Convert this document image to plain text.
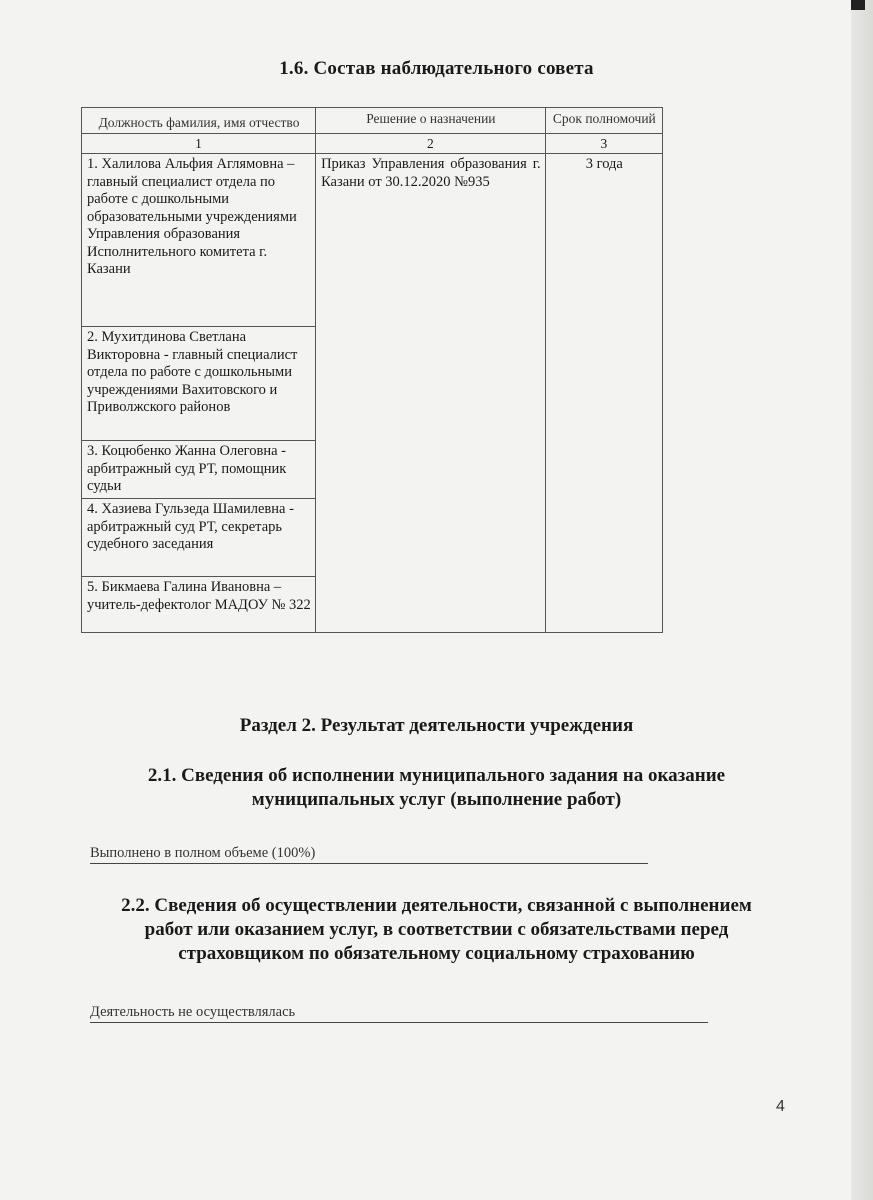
1.6. Состав наблюдательного совета
Должность фамилия, имя отчество	Решение о назначении	Срок полномочий
1	2	3
1. Халилова Альфия Аглямовна – главный специалист отдела по работе с дошкольными образовательными учреждениями Управления образования Исполнительного комитета г. Казани	Приказ Управления образования г. Казани от 30.12.2020 №935	3 года
2. Мухитдинова Светлана Викторовна - главный специалист отдела по работе с дошкольными учреждениями Вахитовского и Приволжского районов		
3. Коцюбенко Жанна Олеговна - арбитражный суд РТ, помощник судьи		
4. Хазиева Гульзеда Шамилевна - арбитражный суд РТ, секретарь судебного заседания		
5. Бикмаева Галина Ивановна – учитель-дефектолог МАДОУ № 322		
Раздел 2. Результат деятельности учреждения
2.1. Сведения об исполнении муниципального задания на оказание муниципальных услуг (выполнение работ)
Выполнено в полном объеме (100%)
2.2. Сведения об осуществлении деятельности, связанной с выполнением работ или оказанием услуг, в соответствии с обязательствами перед страховщиком по обязательному социальному страхованию
Деятельность не осуществлялась
4
